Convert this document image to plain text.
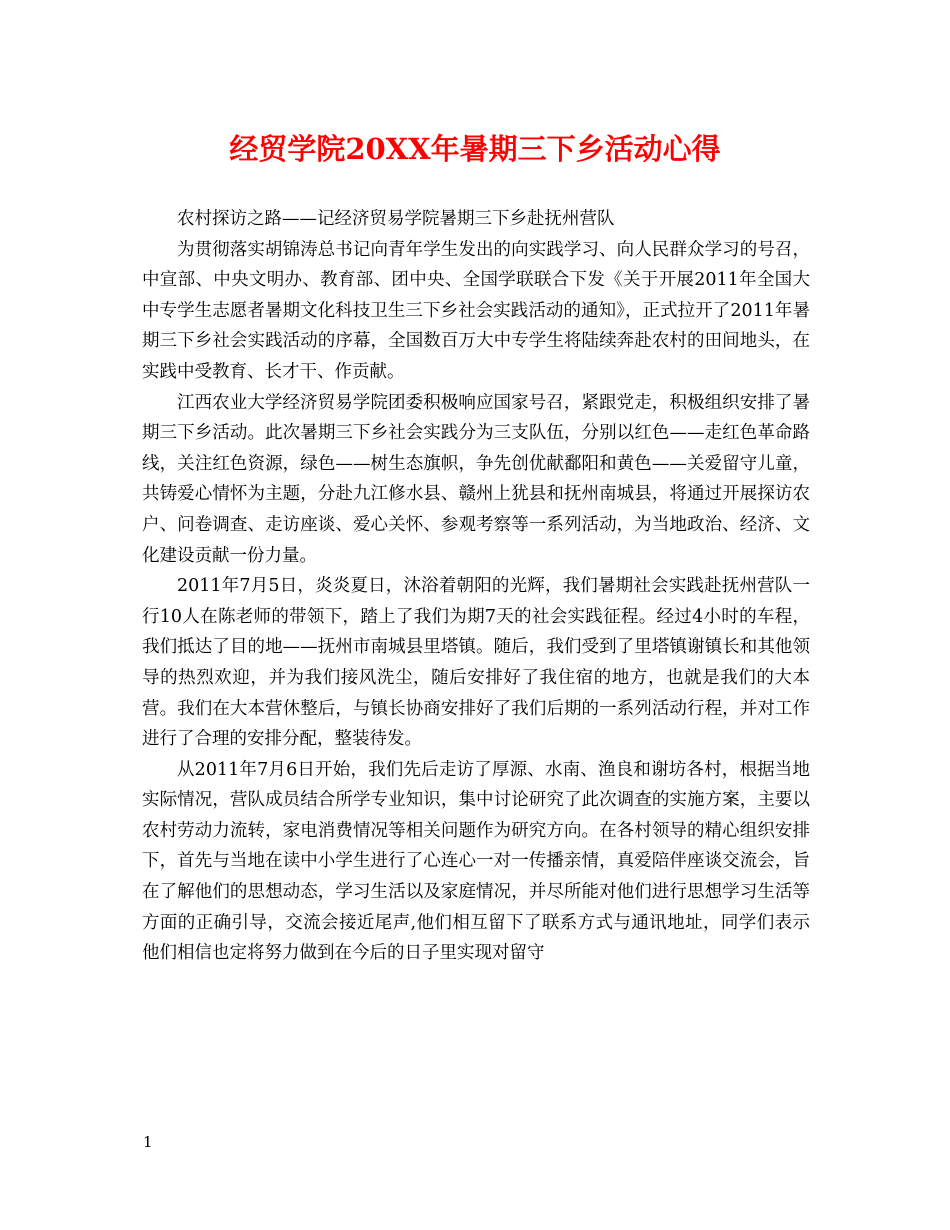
经贸学院20XX年暑期三下乡活动心得

农村探访之路——记经济贸易学院暑期三下乡赴抚州营队

为贯彻落实胡锦涛总书记向青年学生发出的向实践学习、向人民群众学习的号召，中宣部、中央文明办、教育部、团中央、全国学联联合下发《关于开展2011年全国大中专学生志愿者暑期文化科技卫生三下乡社会实践活动的通知》，正式拉开了2011年暑期三下乡社会实践活动的序幕，全国数百万大中专学生将陆续奔赴农村的田间地头，在实践中受教育、长才干、作贡献。

江西农业大学经济贸易学院团委积极响应国家号召，紧跟党走，积极组织安排了暑期三下乡活动。此次暑期三下乡社会实践分为三支队伍，分别以红色——走红色革命路线，关注红色资源，绿色——树生态旗帜，争先创优献鄱阳和黄色——关爱留守儿童，共铸爱心情怀为主题，分赴九江修水县、赣州上犹县和抚州南城县，将通过开展探访农户、问卷调查、走访座谈、爱心关怀、参观考察等一系列活动，为当地政治、经济、文化建设贡献一份力量。

2011年7月5日，炎炎夏日，沐浴着朝阳的光辉，我们暑期社会实践赴抚州营队一行10人在陈老师的带领下，踏上了我们为期7天的社会实践征程。经过4小时的车程，我们抵达了目的地——抚州市南城县里塔镇。随后，我们受到了里塔镇谢镇长和其他领导的热烈欢迎，并为我们接风洗尘，随后安排好了我住宿的地方，也就是我们的大本营。我们在大本营休整后，与镇长协商安排好了我们后期的一系列活动行程，并对工作进行了合理的安排分配，整装待发。

从2011年7月6日开始，我们先后走访了厚源、水南、渔良和谢坊各村，根据当地实际情况，营队成员结合所学专业知识，集中讨论研究了此次调查的实施方案，主要以农村劳动力流转，家电消费情况等相关问题作为研究方向。在各村领导的精心组织安排下，首先与当地在读中小学生进行了心连心一对一传播亲情，真爱陪伴座谈交流会，旨在了解他们的思想动态，学习生活以及家庭情况，并尽所能对他们进行思想学习生活等方面的正确引导，交流会接近尾声,他们相互留下了联系方式与通讯地址，同学们表示他们相信也定将努力做到在今后的日子里实现对留守

1
